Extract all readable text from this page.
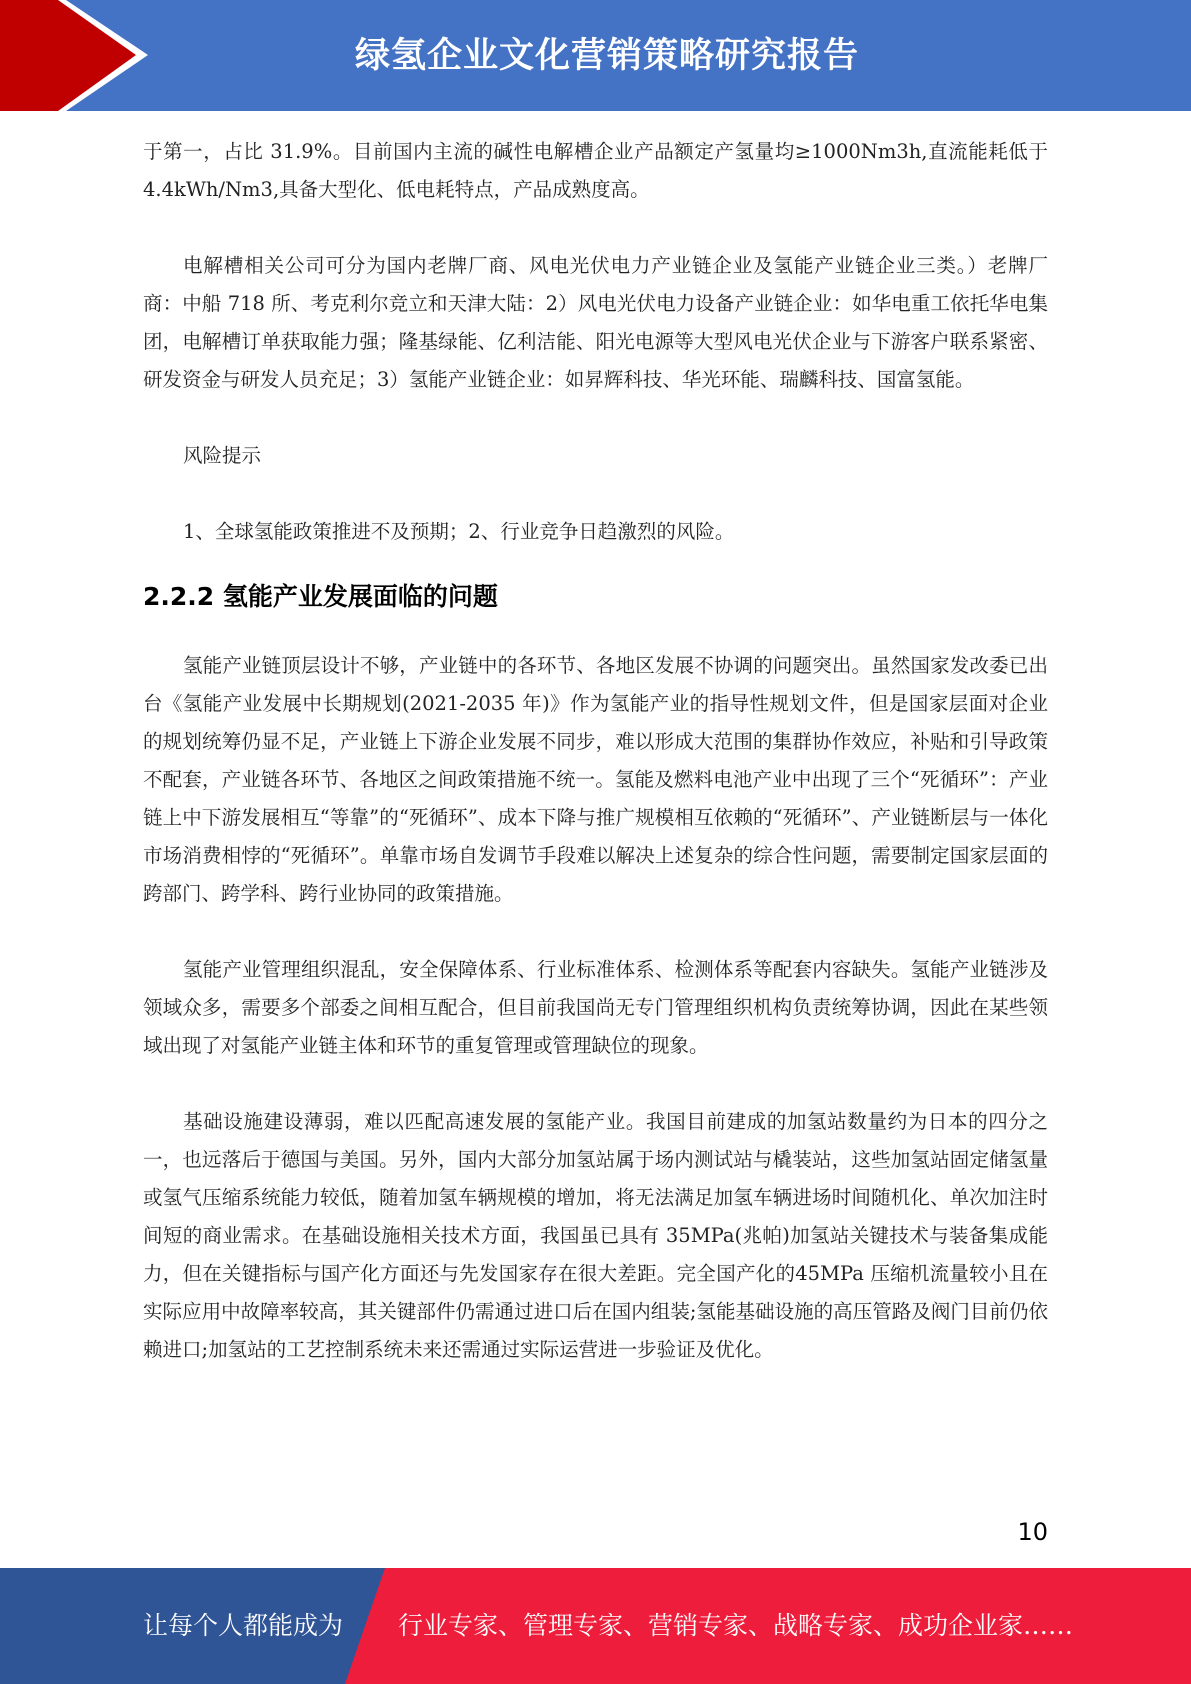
绿氢企业文化营销策略研究报告

于第一，占比 31.9%。目前国内主流的碱性电解槽企业产品额定产氢量均≥1000Nm3h,直流能耗低于 4.4kWh/Nm3,具备大型化、低电耗特点，产品成熟度高。

电解槽相关公司可分为国内老牌厂商、风电光伏电力产业链企业及氢能产业链企业三类。）老牌厂商：中船 718 所、考克利尔竞立和天津大陆：2）风电光伏电力设备产业链企业：如华电重工依托华电集团，电解槽订单获取能力强；隆基绿能、亿利洁能、阳光电源等大型风电光伏企业与下游客户联系紧密、研发资金与研发人员充足；3）氢能产业链企业：如昇辉科技、华光环能、瑞麟科技、国富氢能。

风险提示

1、全球氢能政策推进不及预期；2、行业竞争日趋激烈的风险。

2.2.2 氢能产业发展面临的问题

氢能产业链顶层设计不够，产业链中的各环节、各地区发展不协调的问题突出。虽然国家发改委已出台《氢能产业发展中长期规划(2021-2035 年)》作为氢能产业的指导性规划文件，但是国家层面对企业的规划统筹仍显不足，产业链上下游企业发展不同步，难以形成大范围的集群协作效应，补贴和引导政策不配套，产业链各环节、各地区之间政策措施不统一。氢能及燃料电池产业中出现了三个“死循环”：产业链上中下游发展相互“等靠”的“死循环”、成本下降与推广规模相互依赖的“死循环”、产业链断层与一体化市场消费相悖的“死循环”。单靠市场自发调节手段难以解决上述复杂的综合性问题，需要制定国家层面的跨部门、跨学科、跨行业协同的政策措施。

氢能产业管理组织混乱，安全保障体系、行业标准体系、检测体系等配套内容缺失。氢能产业链涉及领域众多，需要多个部委之间相互配合，但目前我国尚无专门管理组织机构负责统筹协调，因此在某些领域出现了对氢能产业链主体和环节的重复管理或管理缺位的现象。

基础设施建设薄弱，难以匹配高速发展的氢能产业。我国目前建成的加氢站数量约为日本的四分之一，也远落后于德国与美国。另外，国内大部分加氢站属于场内测试站与橇装站，这些加氢站固定储氢量或氢气压缩系统能力较低，随着加氢车辆规模的增加，将无法满足加氢车辆进场时间随机化、单次加注时间短的商业需求。在基础设施相关技术方面，我国虽已具有 35MPa(兆帕)加氢站关键技术与装备集成能力，但在关键指标与国产化方面还与先发国家存在很大差距。完全国产化的45MPa 压缩机流量较小且在实际应用中故障率较高，其关键部件仍需通过进口后在国内组装;氢能基础设施的高压管路及阀门目前仍依赖进口;加氢站的工艺控制系统未来还需通过实际运营进一步验证及优化。

10
让每个人都能成为 行业专家、管理专家、营销专家、战略专家、成功企业家……
